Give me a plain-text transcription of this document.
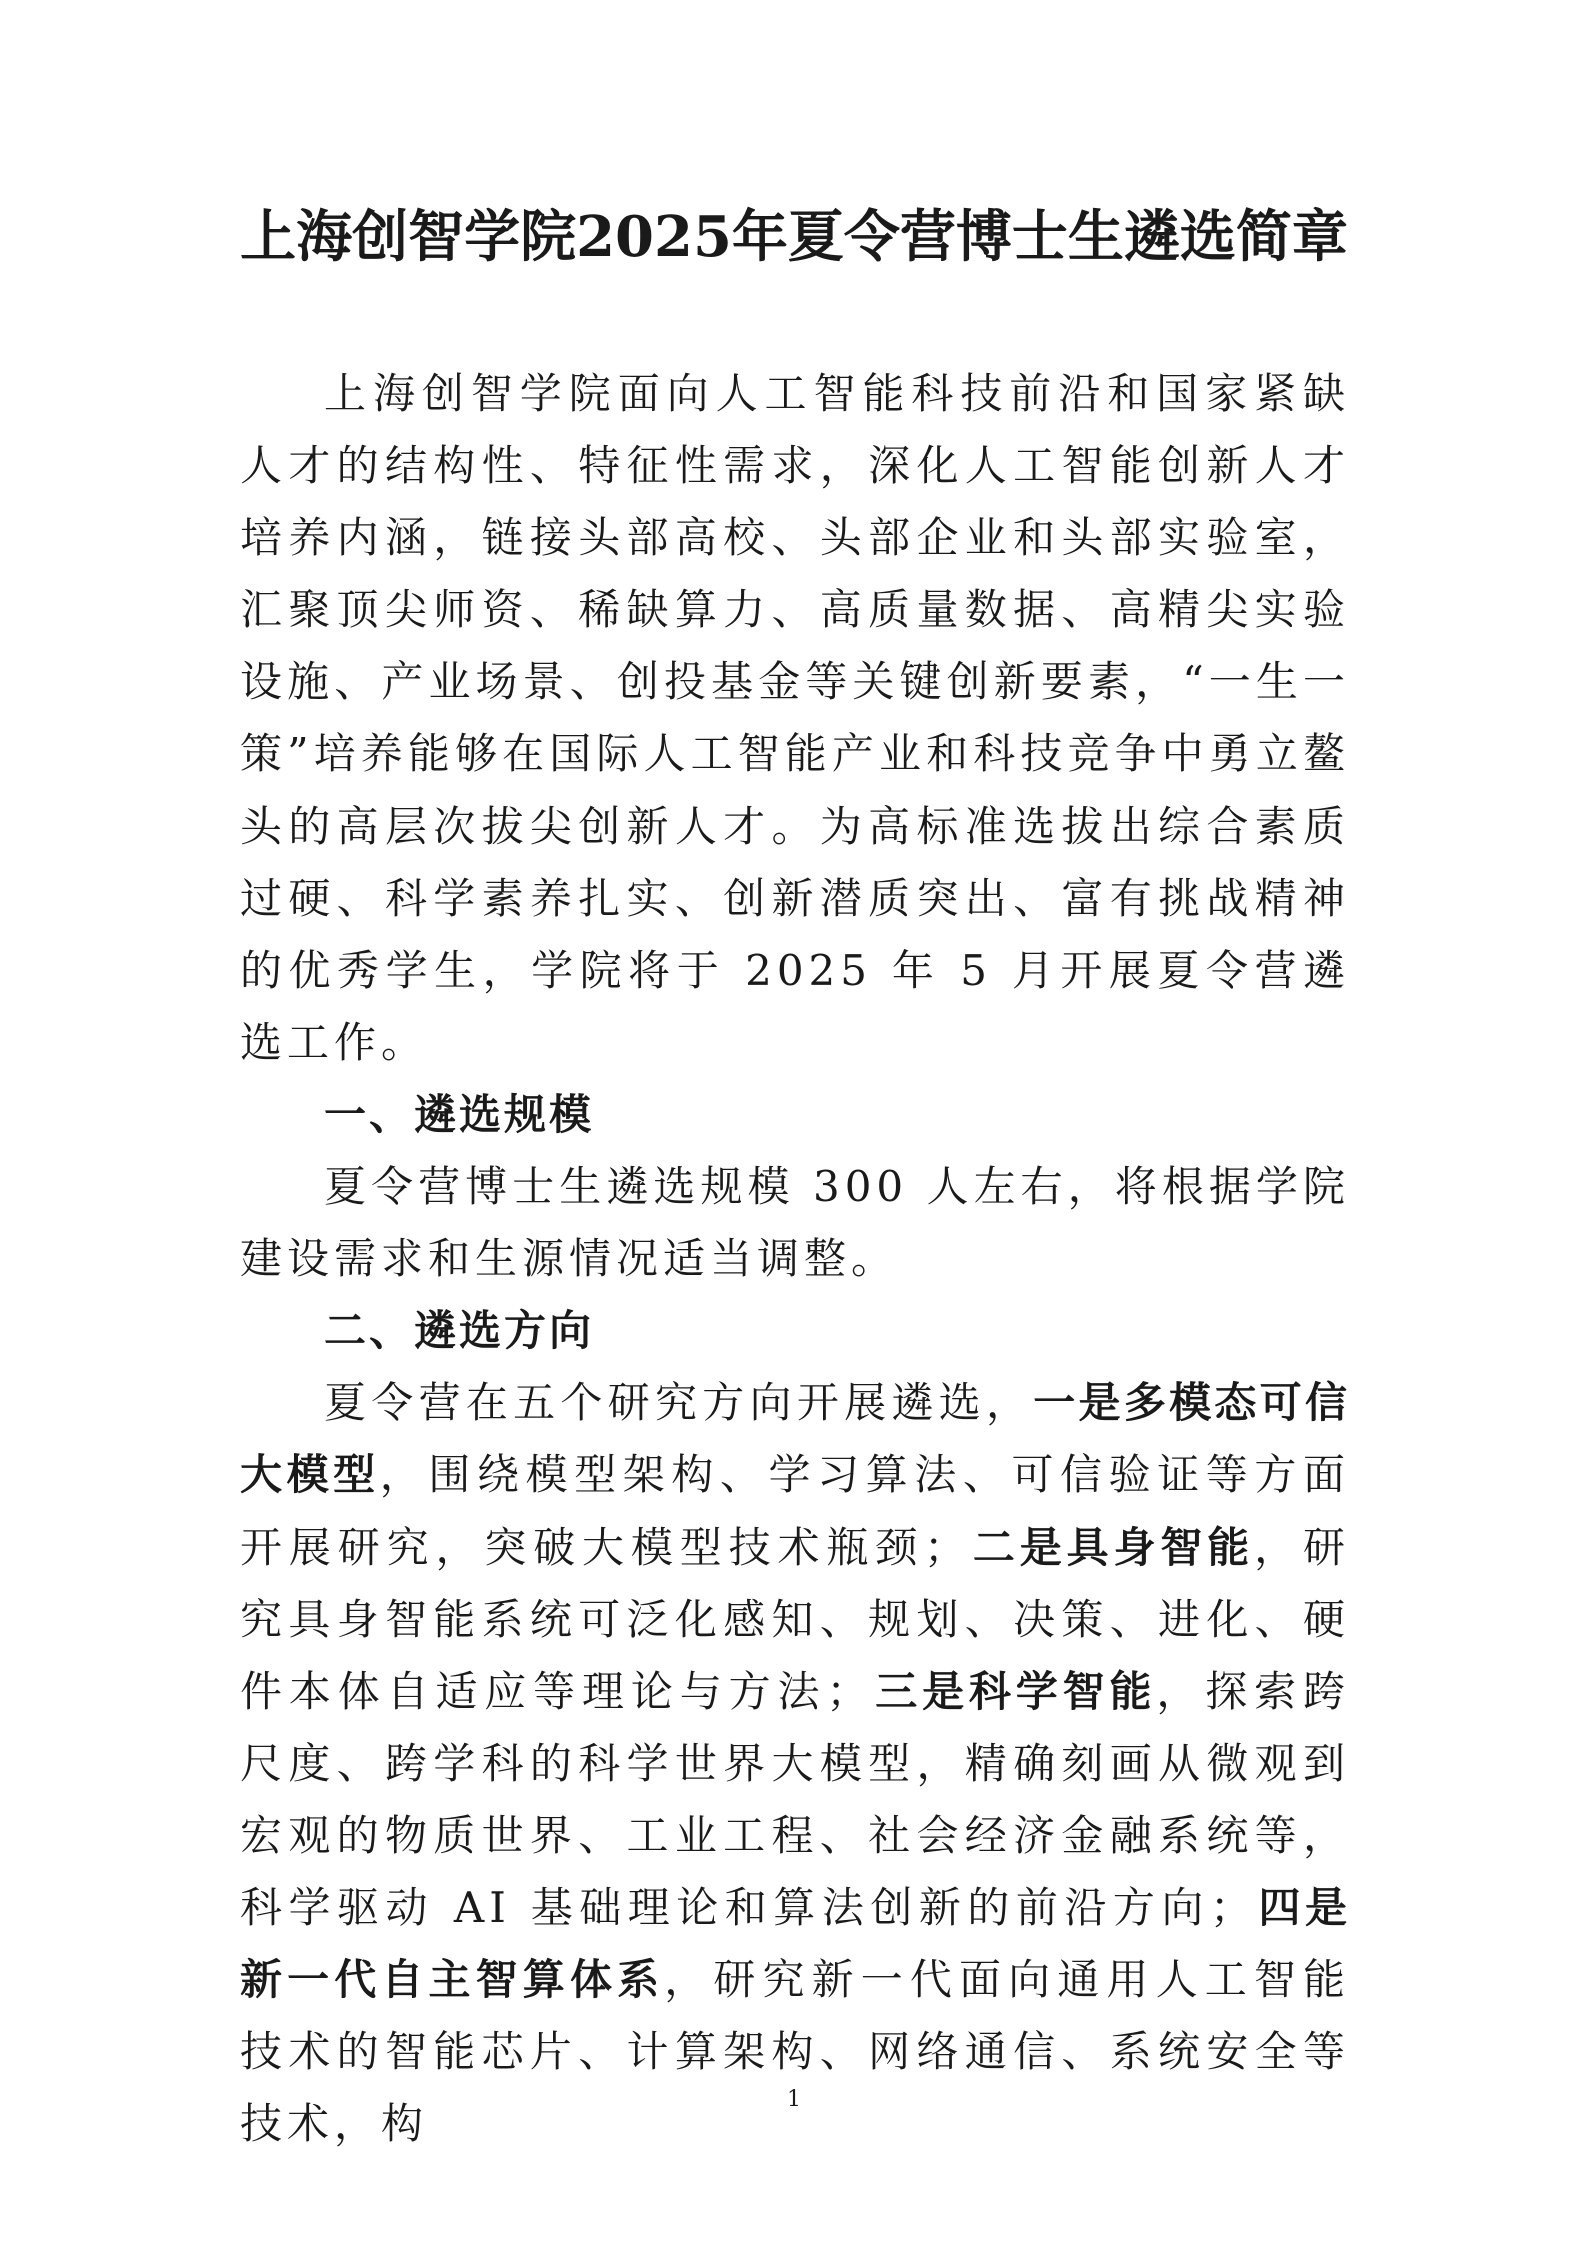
上海创智学院2025年夏令营博士生遴选简章

上海创智学院面向人工智能科技前沿和国家紧缺人才的结构性、特征性需求，深化人工智能创新人才培养内涵，链接头部高校、头部企业和头部实验室，汇聚顶尖师资、稀缺算力、高质量数据、高精尖实验设施、产业场景、创投基金等关键创新要素，“一生一策”培养能够在国际人工智能产业和科技竞争中勇立鳌头的高层次拔尖创新人才。为高标准选拔出综合素质过硬、科学素养扎实、创新潜质突出、富有挑战精神的优秀学生，学院将于 2025 年 5 月开展夏令营遴选工作。

一、遴选规模

夏令营博士生遴选规模 300 人左右，将根据学院建设需求和生源情况适当调整。

二、遴选方向

夏令营在五个研究方向开展遴选，一是多模态可信大模型，围绕模型架构、学习算法、可信验证等方面开展研究，突破大模型技术瓶颈；二是具身智能，研究具身智能系统可泛化感知、规划、决策、进化、硬件本体自适应等理论与方法；三是科学智能，探索跨尺度、跨学科的科学世界大模型，精确刻画从微观到宏观的物质世界、工业工程、社会经济金融系统等，科学驱动 AI 基础理论和算法创新的前沿方向；四是新一代自主智算体系，研究新一代面向通用人工智能技术的智能芯片、计算架构、网络通信、系统安全等技术，构	1
